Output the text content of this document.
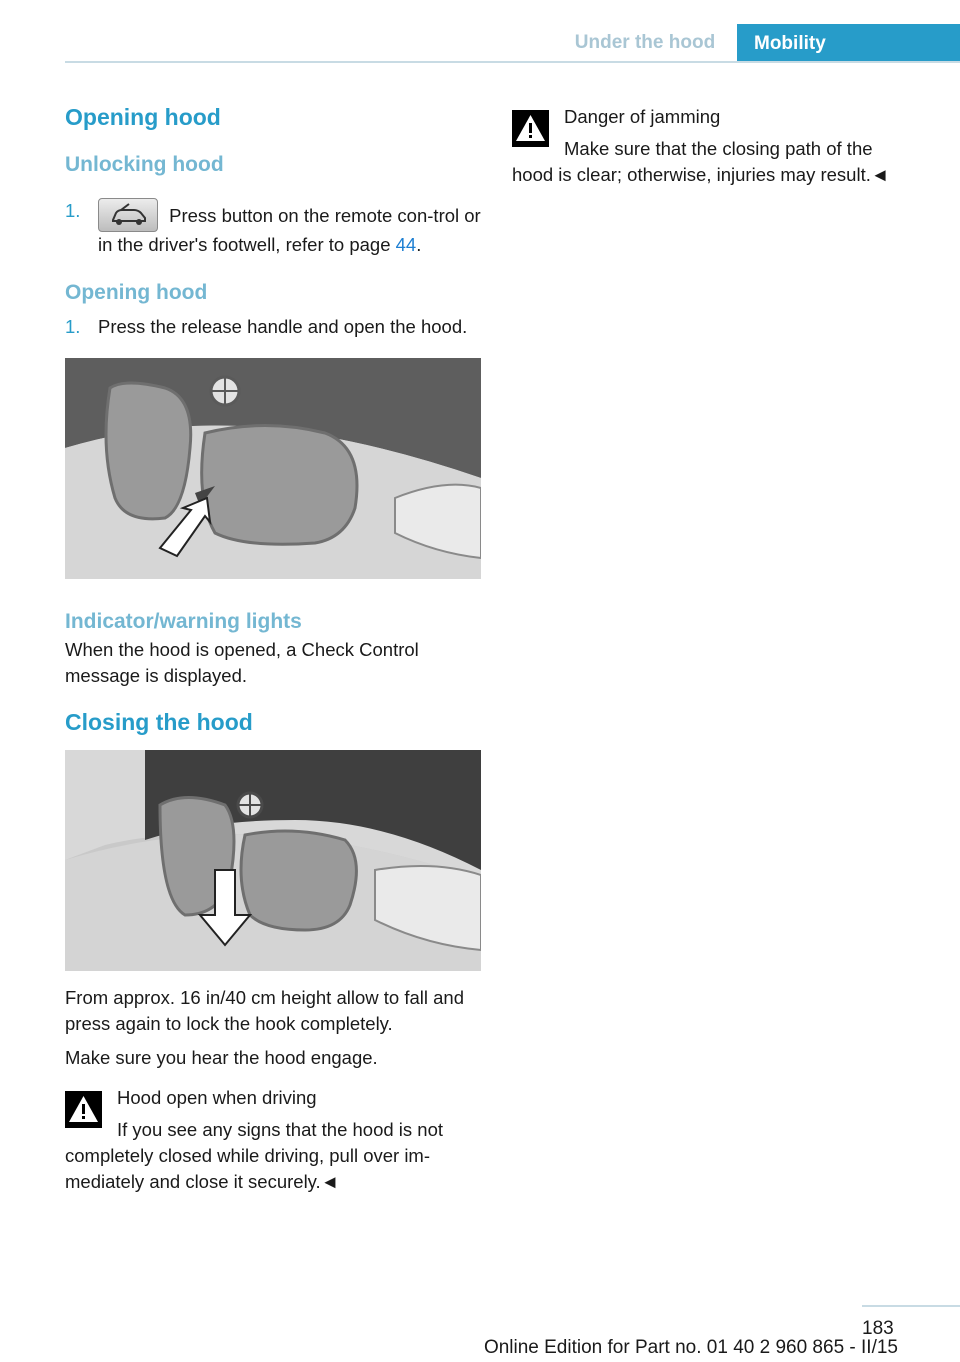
Under the hood	Mobility
Opening hood
Unlocking hood
1.	Press button on the remote con-trol or in the driver's footwell, refer to page 44.
Opening hood
1. Press the release handle and open the hood.
Indicator/warning lights

When the hood is opened, a Check Control message is displayed.

Closing the hood

From approx. 16 in/40 cm height allow to fall and press again to lock the hook completely.

Make sure you hear the hood engage.

Hood open when driving
If you see any signs that the hood is not
completely closed while driving, pull over im-mediately and close it securely.◄
Danger of jamming
Make sure that the closing path of the
hood is clear; otherwise, injuries may result.◄
183
Online Edition for Part no. 01 40 2 960 865 - II/15
